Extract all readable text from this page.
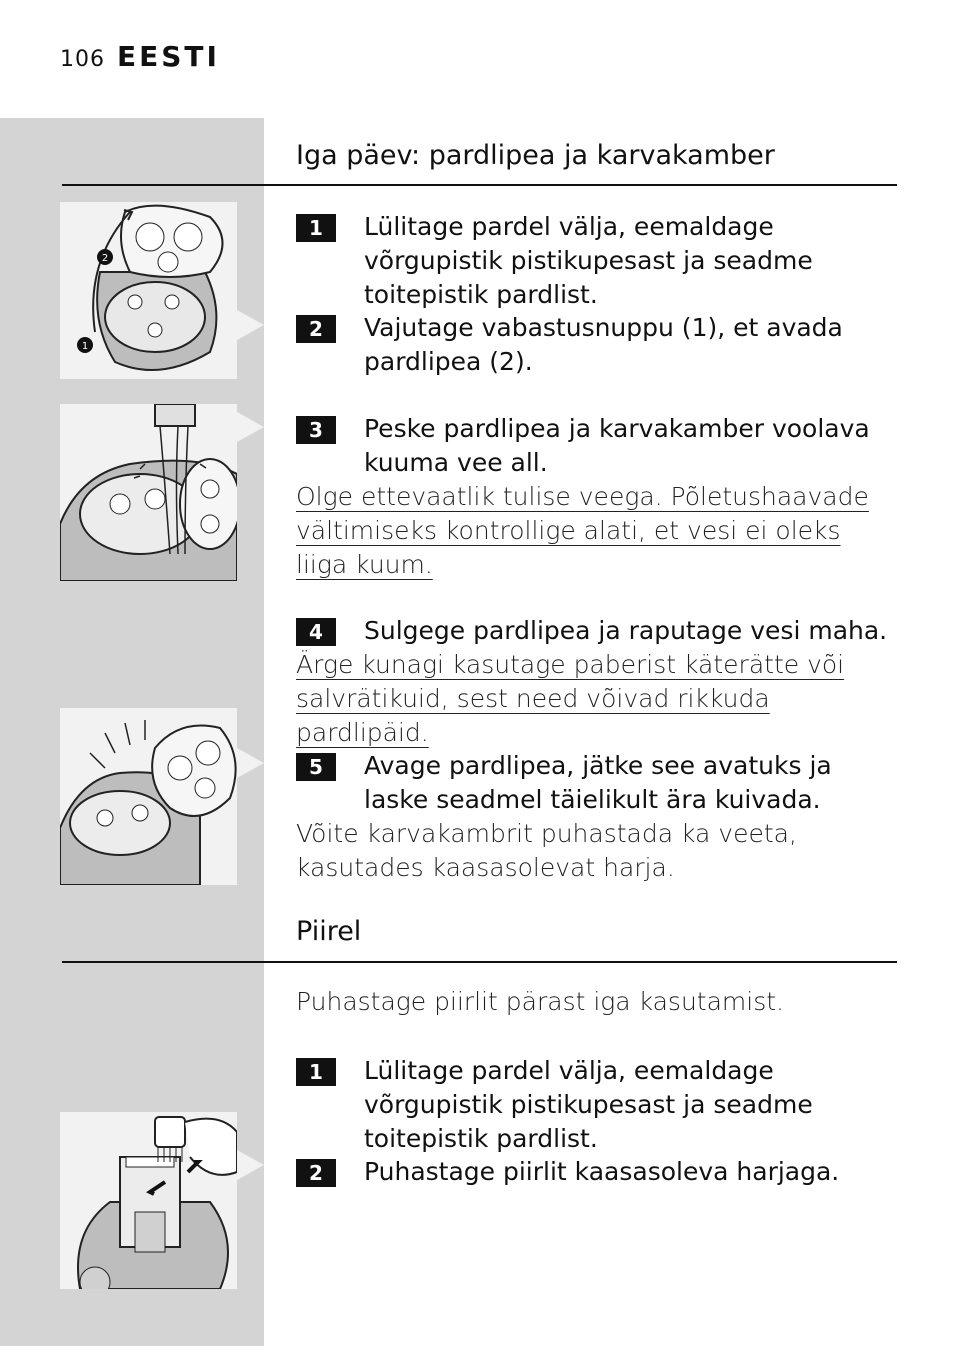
106 EESTI
Iga päev: pardlipea ja karvakamber
2
1
1	Lülitage pardel välja, eemaldage võrgupistik pistikupesast ja seadme toitepistik pardlist.
2	Vajutage vabastusnuppu (1), et avada pardlipea (2).
3	Peske pardlipea ja karvakamber voolava kuuma vee all.
Olge ettevaatlik tulise veega. Põletushaavade vältimiseks kontrollige alati, et vesi ei oleks liiga kuum.
4	Sulgege pardlipea ja raputage vesi maha.
Ärge kunagi kasutage paberist käterätte või salvrätikuid, sest need võivad rikkuda pardlipäid.
5	Avage pardlipea, jätke see avatuks ja laske seadmel täielikult ära kuivada.
Võite karvakambrit puhastada ka veeta, kasutades kaasasolevat harja.
Piirel
Puhastage piirlit pärast iga kasutamist.
1	Lülitage pardel välja, eemaldage võrgupistik pistikupesast ja seadme toitepistik pardlist.
2	Puhastage piirlit kaasasoleva harjaga.
